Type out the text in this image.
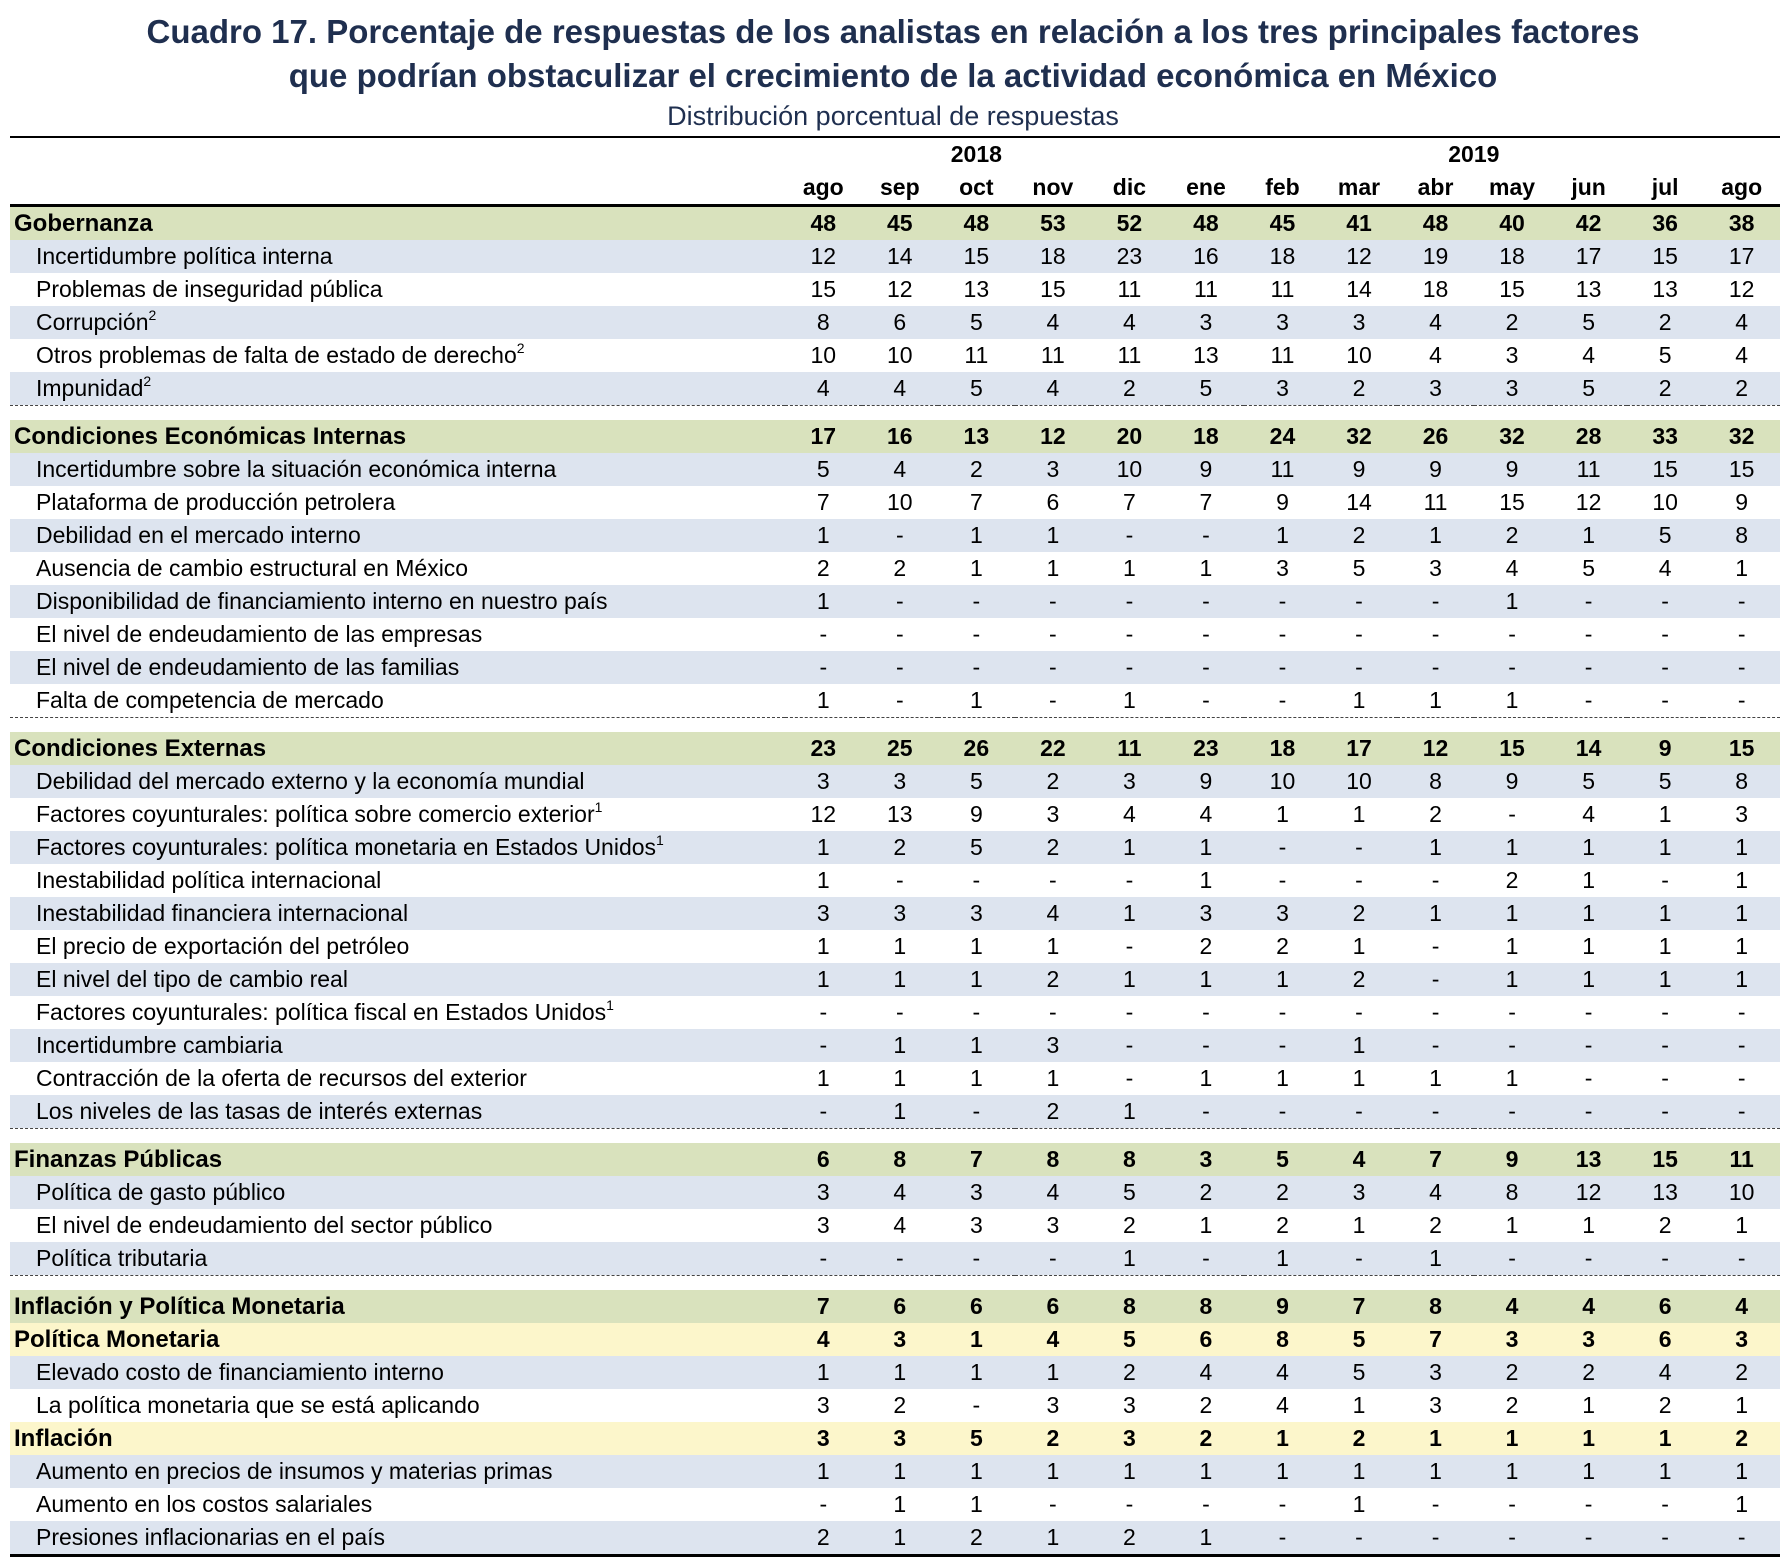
Cuadro 17. Porcentaje de respuestas de los analistas en relación a los tres principales factores
que podrían obstaculizar el crecimiento de la actividad económica en México
Distribución porcentual de respuestas
	2018					2019							
	ago	sep	oct	nov	dic	ene	feb	mar	abr	may	jun	jul	ago
Gobernanza	48	45	48	53	52	48	45	41	48	40	42	36	38
Incertidumbre política interna	12	14	15	18	23	16	18	12	19	18	17	15	17
Problemas de inseguridad pública	15	12	13	15	11	11	11	14	18	15	13	13	12
Corrupción$^2$	8	6	5	4	4	3	3	3	4	2	5	2	4
Otros problemas de falta de estado de derecho$^2$	10	10	11	11	11	13	11	10	4	3	4	5	4
Impunidad$^2$	4	4	5	4	2	5	3	2	3	3	5	2	2

Condiciones Económicas Internas	17	16	13	12	20	18	24	32	26	32	28	33	32
Incertidumbre sobre la situación económica interna	5	4	2	3	10	9	11	9	9	9	11	15	15
Plataforma de producción petrolera	7	10	7	6	7	7	9	14	11	15	12	10	9
Debilidad en el mercado interno	1	-	1	1	-	-	1	2	1	2	1	5	8
Ausencia de cambio estructural en México	2	2	1	1	1	1	3	5	3	4	5	4	1
Disponibilidad de financiamiento interno en nuestro país	1	-	-	-	-	-	-	-	-	1	-	-	-
El nivel de endeudamiento de las empresas	-	-	-	-	-	-	-	-	-	-	-	-	-
El nivel de endeudamiento de las familias	-	-	-	-	-	-	-	-	-	-	-	-	-
Falta de competencia de mercado	1	-	1	-	1	-	-	1	1	1	-	-	-

Condiciones Externas	23	25	26	22	11	23	18	17	12	15	14	9	15
Debilidad del mercado externo y la economía mundial	3	3	5	2	3	9	10	10	8	9	5	5	8
Factores coyunturales: política sobre comercio exterior$^1$	12	13	9	3	4	4	1	1	2	-	4	1	3
Factores coyunturales: política monetaria en Estados Unidos$^1$	1	2	5	2	1	1	-	-	1	1	1	1	1
Inestabilidad política internacional	1	-	-	-	-	1	-	-	-	2	1	-	1
Inestabilidad financiera internacional	3	3	3	4	1	3	3	2	1	1	1	1	1
El precio de exportación del petróleo	1	1	1	1	-	2	2	1	-	1	1	1	1
El nivel del tipo de cambio real	1	1	1	2	1	1	1	2	-	1	1	1	1
Factores coyunturales: política fiscal en Estados Unidos$^1$	-	-	-	-	-	-	-	-	-	-	-	-	-
Incertidumbre cambiaria	-	1	1	3	-	-	-	1	-	-	-	-	-
Contracción de la oferta de recursos del exterior	1	1	1	1	-	1	1	1	1	1	-	-	-
Los niveles de las tasas de interés externas	-	1	-	2	1	-	-	-	-	-	-	-	-

Finanzas Públicas	6	8	7	8	8	3	5	4	7	9	13	15	11
Política de gasto público	3	4	3	4	5	2	2	3	4	8	12	13	10
El nivel de endeudamiento del sector público	3	4	3	3	2	1	2	1	2	1	1	2	1
Política tributaria	-	-	-	-	1	-	1	-	1	-	-	-	-

Inflación y Política Monetaria	7	6	6	6	8	8	9	7	8	4	4	6	4
Política Monetaria	4	3	1	4	5	6	8	5	7	3	3	6	3
Elevado costo de financiamiento interno	1	1	1	1	2	4	4	5	3	2	2	4	2
La política monetaria que se está aplicando	3	2	-	3	3	2	4	1	3	2	1	2	1
Inflación	3	3	5	2	3	2	1	2	1	1	1	1	2
Aumento en precios de insumos y materias primas	1	1	1	1	1	1	1	1	1	1	1	1	1
Aumento en los costos salariales	-	1	1	-	-	-	-	1	-	-	-	-	1
Presiones inflacionarias en el país	2	1	2	1	2	1	-	-	-	-	-	-	-
